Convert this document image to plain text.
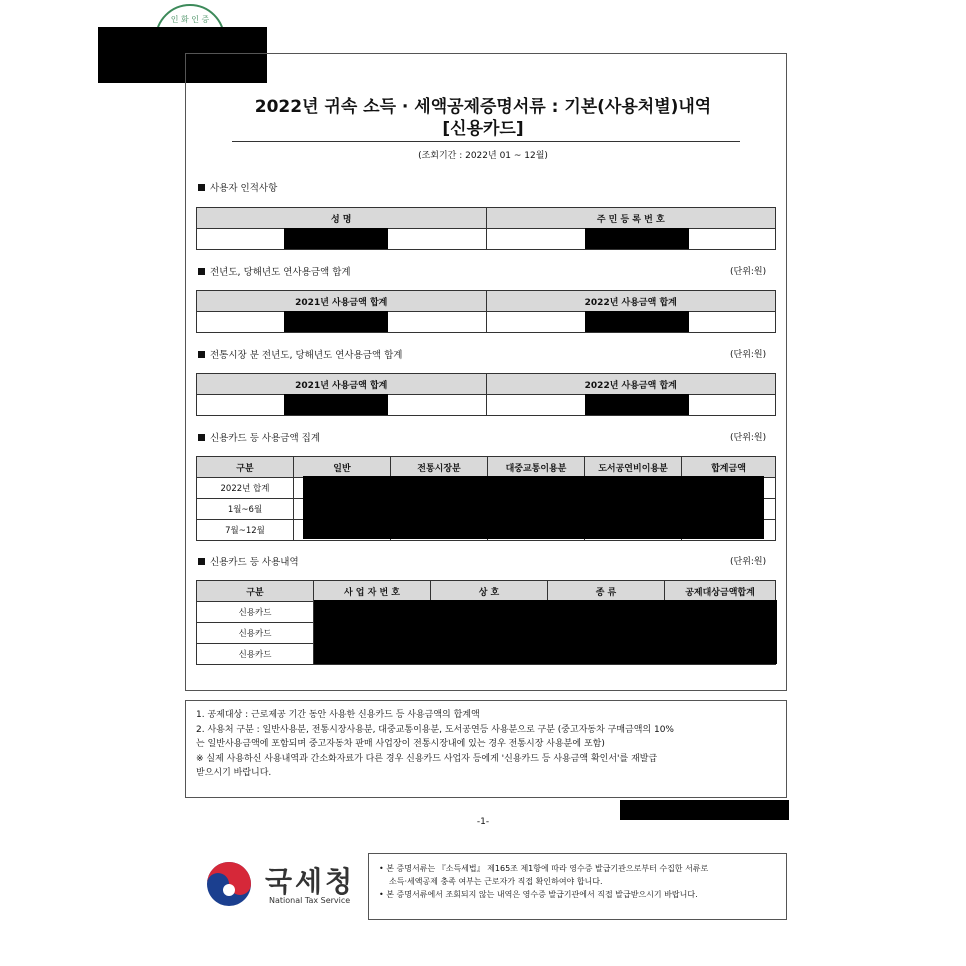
인 화 인 증
2022년 귀속 소득 · 세액공제증명서류 : 기본(사용처별)내역
[신용카드]
(조회기간 : 2022년 01 ~ 12월)
사용자 인적사항
성 명	주 민 등 록 번 호

전년도, 당해년도 연사용금액 합계	(단위:원)
2021년 사용금액 합계	2022년 사용금액 합계

전통시장 분 전년도, 당해년도 연사용금액 합계	(단위:원)
2021년 사용금액 합계	2022년 사용금액 합계

신용카드 등 사용금액 집계	(단위:원)
구분	일반	전통시장분	대중교통이용분	도서공연비이용분	합계금액
2022년 합계					
1월~6월					
7월~12월					
신용카드 등 사용내역	(단위:원)
구분	사 업 자 번 호	상 호	종 류	공제대상금액합계
신용카드				
신용카드				
신용카드				
1. 공제대상 : 근로제공 기간 동안 사용한 신용카드 등 사용금액의 합계액
2. 사용처 구분 : 일반사용분, 전통시장사용분, 대중교통이용분, 도서공연등 사용분으로 구분 (중고자동차 구매금액의 10%
는 일반사용금액에 포함되며 중고자동차 판매 사업장이 전통시장내에 있는 경우 전통시장 사용분에 포함)
※ 실제 사용하신 사용내역과 간소화자료가 다른 경우 신용카드 사업자 등에게 '신용카드 등 사용금액 확인서'를 재발급
받으시기 바랍니다.
-1-
국세청
National Tax Service
• 본 증명서류는 『소득세법』 제165조 제1항에 따라 영수증 발급기관으로부터 수집한 서류로
소득·세액공제 충족 여부는 근로자가 직접 확인하여야 합니다.
• 본 증명서류에서 조회되지 않는 내역은 영수증 발급기관에서 직접 발급받으시기 바랍니다.
